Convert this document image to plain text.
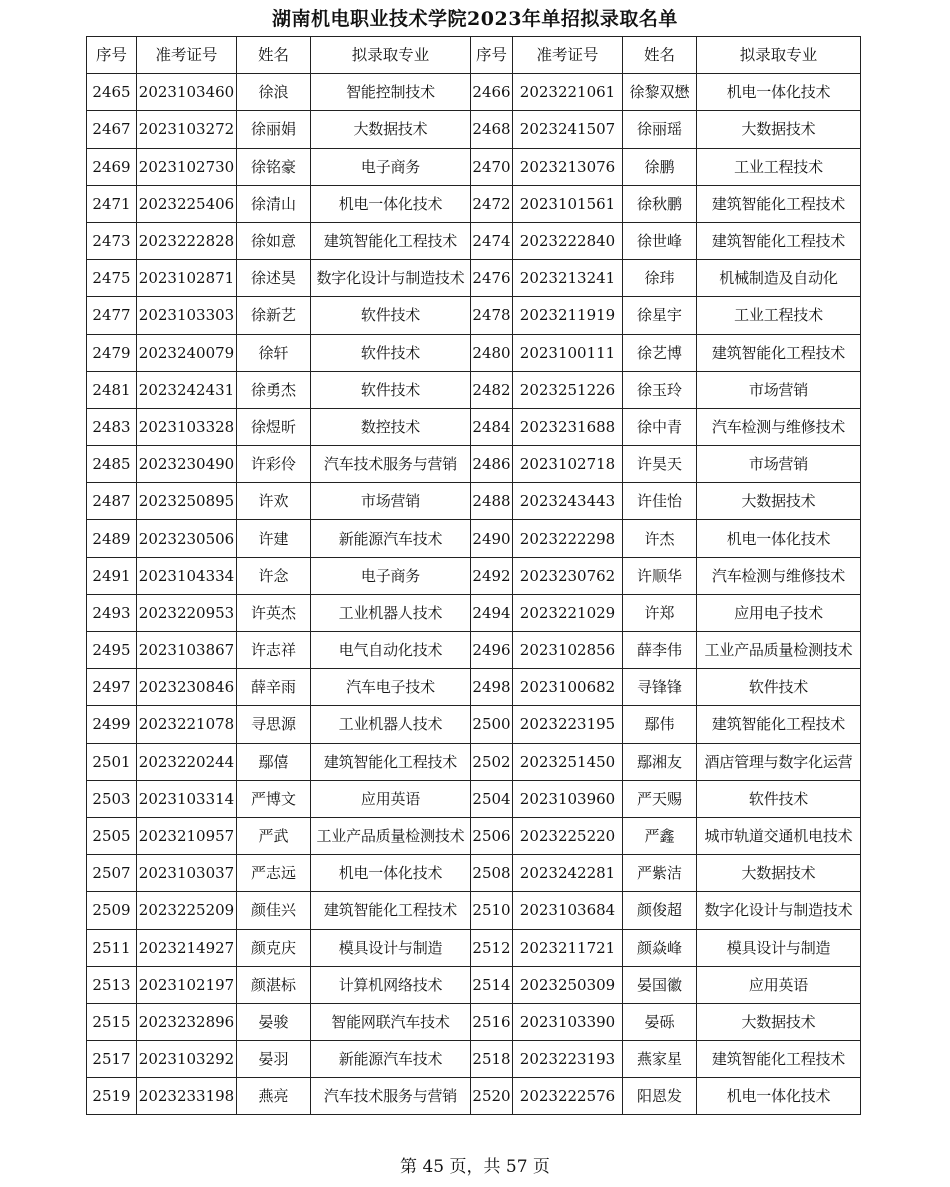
湖南机电职业技术学院2023年单招拟录取名单
序号	准考证号	姓名	拟录取专业	序号	准考证号	姓名	拟录取专业
2465	2023103460	徐浪	智能控制技术	2466	2023221061	徐黎双懋	机电一体化技术
2467	2023103272	徐丽娟	大数据技术	2468	2023241507	徐丽瑶	大数据技术
2469	2023102730	徐铭豪	电子商务	2470	2023213076	徐鹏	工业工程技术
2471	2023225406	徐清山	机电一体化技术	2472	2023101561	徐秋鹏	建筑智能化工程技术
2473	2023222828	徐如意	建筑智能化工程技术	2474	2023222840	徐世峰	建筑智能化工程技术
2475	2023102871	徐述昊	数字化设计与制造技术	2476	2023213241	徐玮	机械制造及自动化
2477	2023103303	徐新艺	软件技术	2478	2023211919	徐星宇	工业工程技术
2479	2023240079	徐轩	软件技术	2480	2023100111	徐艺博	建筑智能化工程技术
2481	2023242431	徐勇杰	软件技术	2482	2023251226	徐玉玲	市场营销
2483	2023103328	徐煜昕	数控技术	2484	2023231688	徐中青	汽车检测与维修技术
2485	2023230490	许彩伶	汽车技术服务与营销	2486	2023102718	许昊天	市场营销
2487	2023250895	许欢	市场营销	2488	2023243443	许佳怡	大数据技术
2489	2023230506	许建	新能源汽车技术	2490	2023222298	许杰	机电一体化技术
2491	2023104334	许念	电子商务	2492	2023230762	许顺华	汽车检测与维修技术
2493	2023220953	许英杰	工业机器人技术	2494	2023221029	许郑	应用电子技术
2495	2023103867	许志祥	电气自动化技术	2496	2023102856	薛李伟	工业产品质量检测技术
2497	2023230846	薛辛雨	汽车电子技术	2498	2023100682	寻锋锋	软件技术
2499	2023221078	寻思源	工业机器人技术	2500	2023223195	鄢伟	建筑智能化工程技术
2501	2023220244	鄢僖	建筑智能化工程技术	2502	2023251450	鄢湘友	酒店管理与数字化运营
2503	2023103314	严博文	应用英语	2504	2023103960	严天赐	软件技术
2505	2023210957	严武	工业产品质量检测技术	2506	2023225220	严鑫	城市轨道交通机电技术
2507	2023103037	严志远	机电一体化技术	2508	2023242281	严紫洁	大数据技术
2509	2023225209	颜佳兴	建筑智能化工程技术	2510	2023103684	颜俊超	数字化设计与制造技术
2511	2023214927	颜克庆	模具设计与制造	2512	2023211721	颜焱峰	模具设计与制造
2513	2023102197	颜湛标	计算机网络技术	2514	2023250309	晏国徽	应用英语
2515	2023232896	晏骏	智能网联汽车技术	2516	2023103390	晏砾	大数据技术
2517	2023103292	晏羽	新能源汽车技术	2518	2023223193	燕家星	建筑智能化工程技术
2519	2023233198	燕亮	汽车技术服务与营销	2520	2023222576	阳恩发	机电一体化技术
第 45 页，共 57 页
